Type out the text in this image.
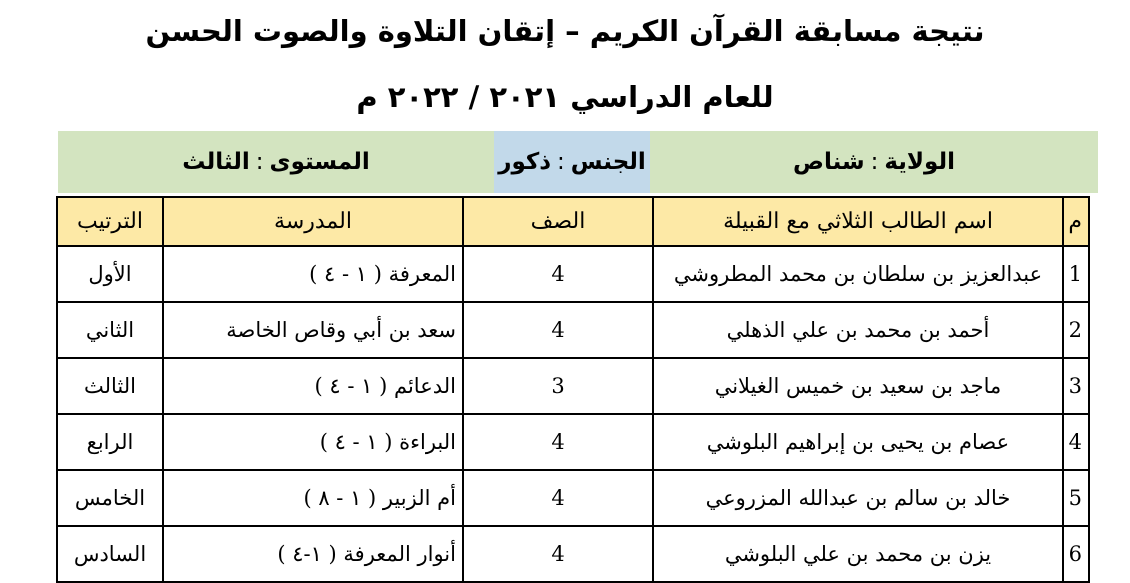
نتيجة مسابقة القرآن الكريم – إتقان التلاوة والصوت الحسن
للعام الدراسي ٢٠٢١ / ٢٠٢٢ م
الولاية
:
شناص
الجنس
:
ذكور
المستوى
:
الثالث
م	اسم الطالب الثلاثي مع القبيلة	الصف	المدرسة	الترتيب
1	عبدالعزيز بن سلطان بن محمد المطروشي	4	المعرفة ( ١ - ٤ )	الأول
2	أحمد بن محمد بن علي الذهلي	4	سعد بن أبي وقاص الخاصة	الثاني
3	ماجد بن سعيد بن خميس الغيلاني	3	الدعائم ( ١ - ٤ )	الثالث
4	عصام بن يحيى بن إبراهيم البلوشي	4	البراءة ( ١ - ٤ )	الرابع
5	خالد بن سالم بن عبدالله المزروعي	4	أم الزبير ( ١ - ٨ )	الخامس
6	يزن بن محمد بن علي البلوشي	4	أنوار المعرفة ( ١-٤ )	السادس
